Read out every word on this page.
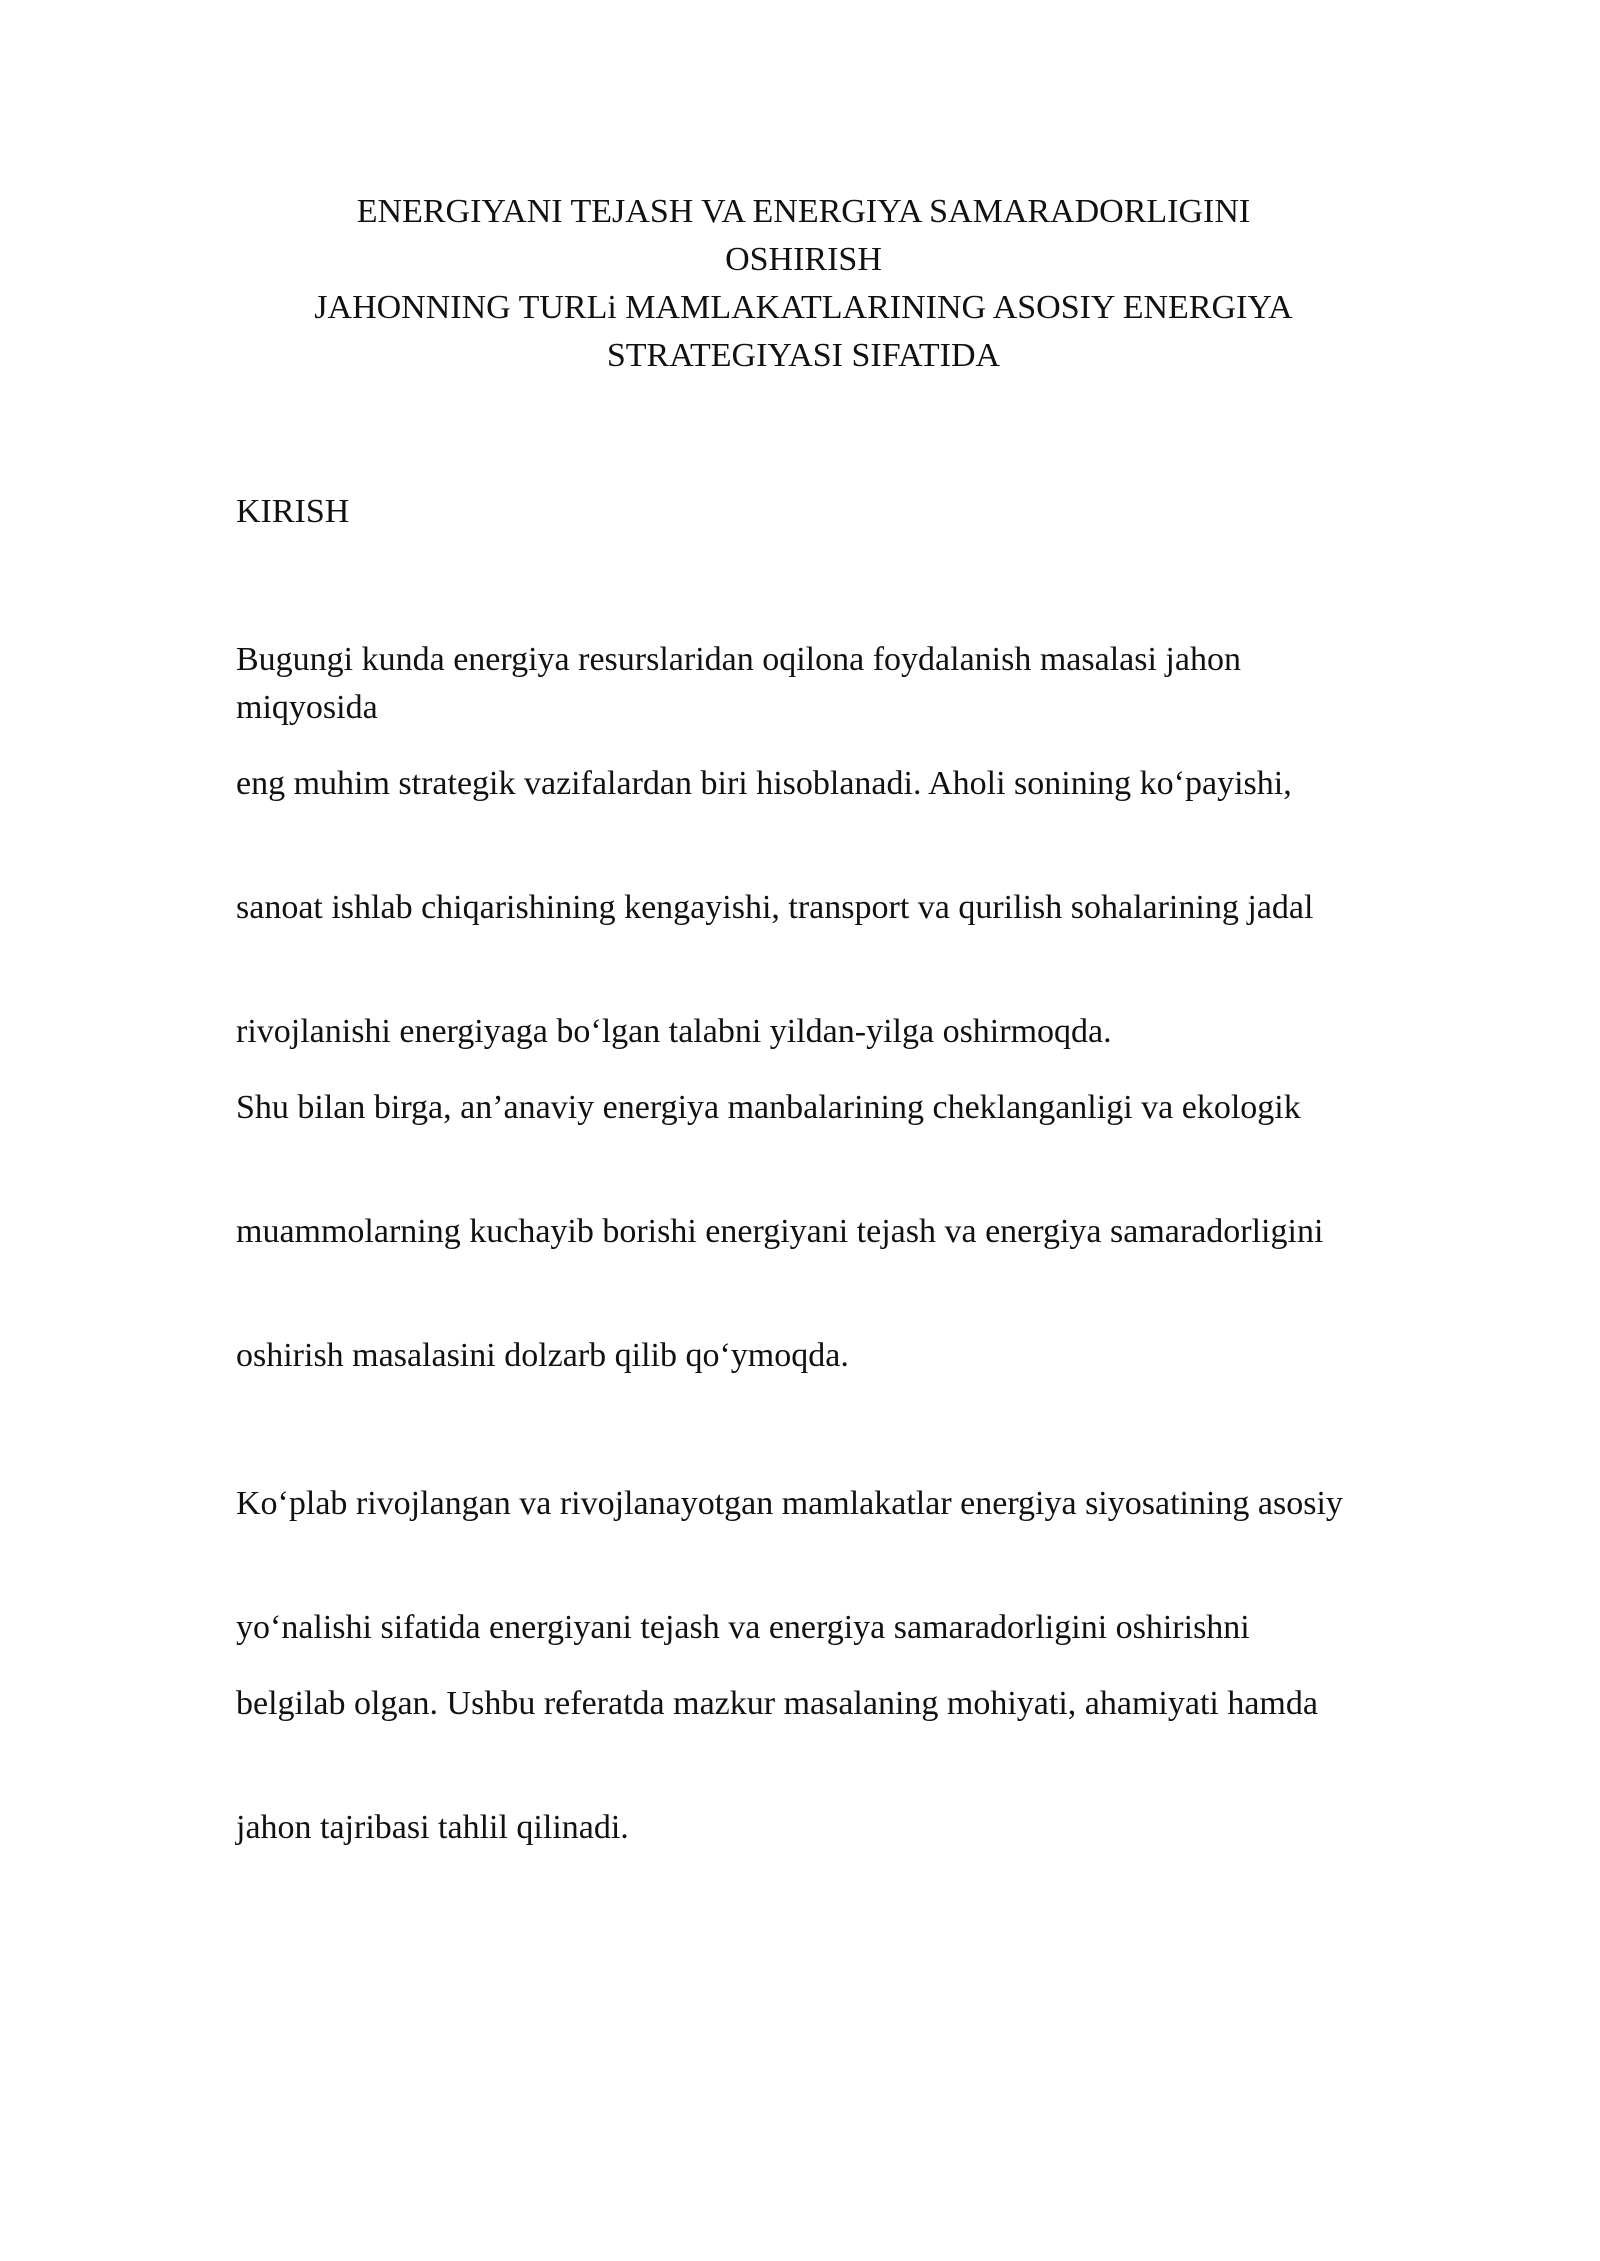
ENERGIYANI TEJASH VA ENERGIYA SAMARADORLIGINI
OSHIRISH
JAHONNING TURLi MAMLAKATLARINING ASOSIY ENERGIYA
STRATEGIYASI SIFATIDA
KIRISH
Bugungi kunda energiya resurslaridan oqilona foydalanish masalasi jahon miqyosida
eng muhim strategik vazifalardan biri hisoblanadi. Aholi sonining ko‘payishi,
sanoat ishlab chiqarishining kengayishi, transport va qurilish sohalarining jadal
rivojlanishi energiyaga bo‘lgan talabni yildan-yilga oshirmoqda.
Shu bilan birga, an’anaviy energiya manbalarining cheklanganligi va ekologik
muammolarning kuchayib borishi energiyani tejash va energiya samaradorligini
oshirish masalasini dolzarb qilib qo‘ymoqda.
Ko‘plab rivojlangan va rivojlanayotgan mamlakatlar energiya siyosatining asosiy
yo‘nalishi sifatida energiyani tejash va energiya samaradorligini oshirishni
belgilab olgan. Ushbu referatda mazkur masalaning mohiyati, ahamiyati hamda
jahon tajribasi tahlil qilinadi.
